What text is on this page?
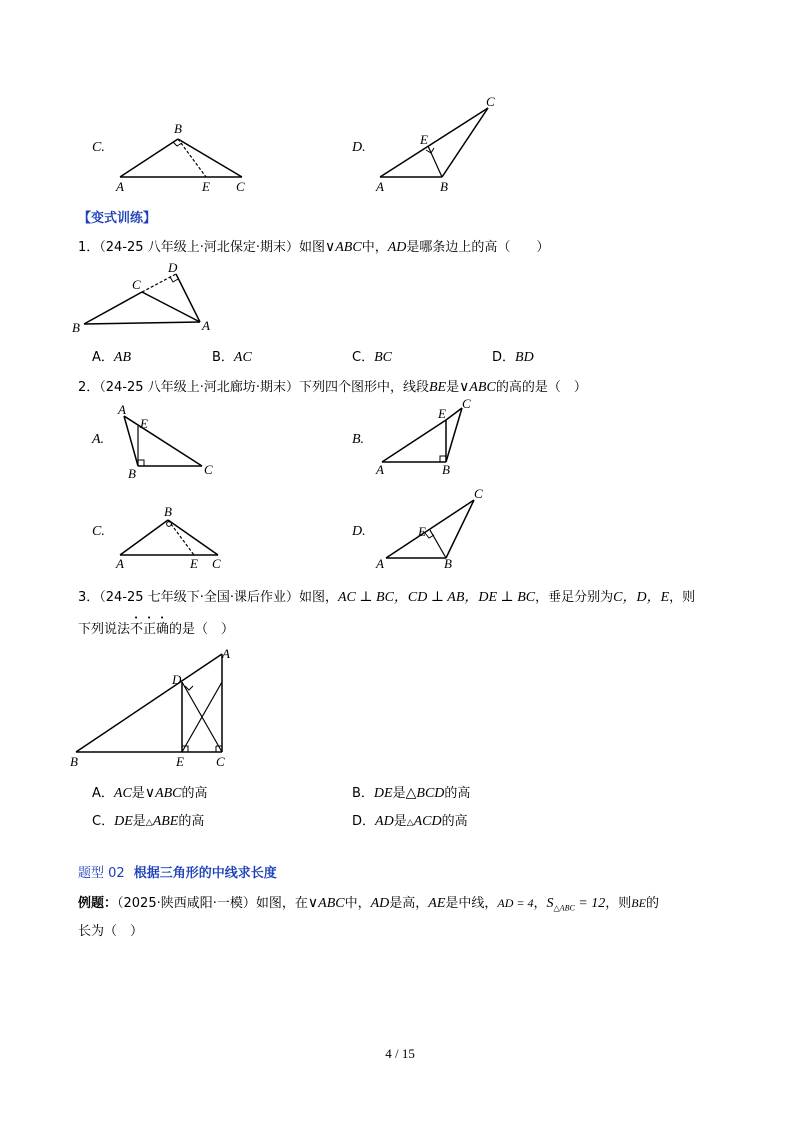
C.
A
B
E C
D.
A	B
E
C
【变式训练】
1．（24-25 八年级上·河北保定·期末）如图∨ABC中，AD是哪条边上的高（　　）
B
C
D
A
A．AB	B．AC	C．BC	D．BD
2．（24-25 八年级上·河北廊坊·期末）下列四个图形中，线段BE是∨ABC的高的是（　）
A.
A
E
B	C
B.
E
C
A	B
C.
B
A	E C
D.
C
E
A	B
3．（24-25 七年级下·全国·课后作业）如图，AC ⊥ BC，CD ⊥ AB，DE ⊥ BC，垂足分别为C，D，E，则
下列说法不正确的是（　）
A
D
B	E C
A．AC是∨ABC的高	B．DE是△BCD的高
C．DE是△ABE的高	D．AD是△ACD的高
题型 02 根据三角形的中线求长度
例题：（2025·陕西咸阳·一模）如图，在∨ABC中，AD是高，AE是中线，AD = 4，$S_{\triangle ABC} = 12$，则BE的
长为（　）
4 / 15
